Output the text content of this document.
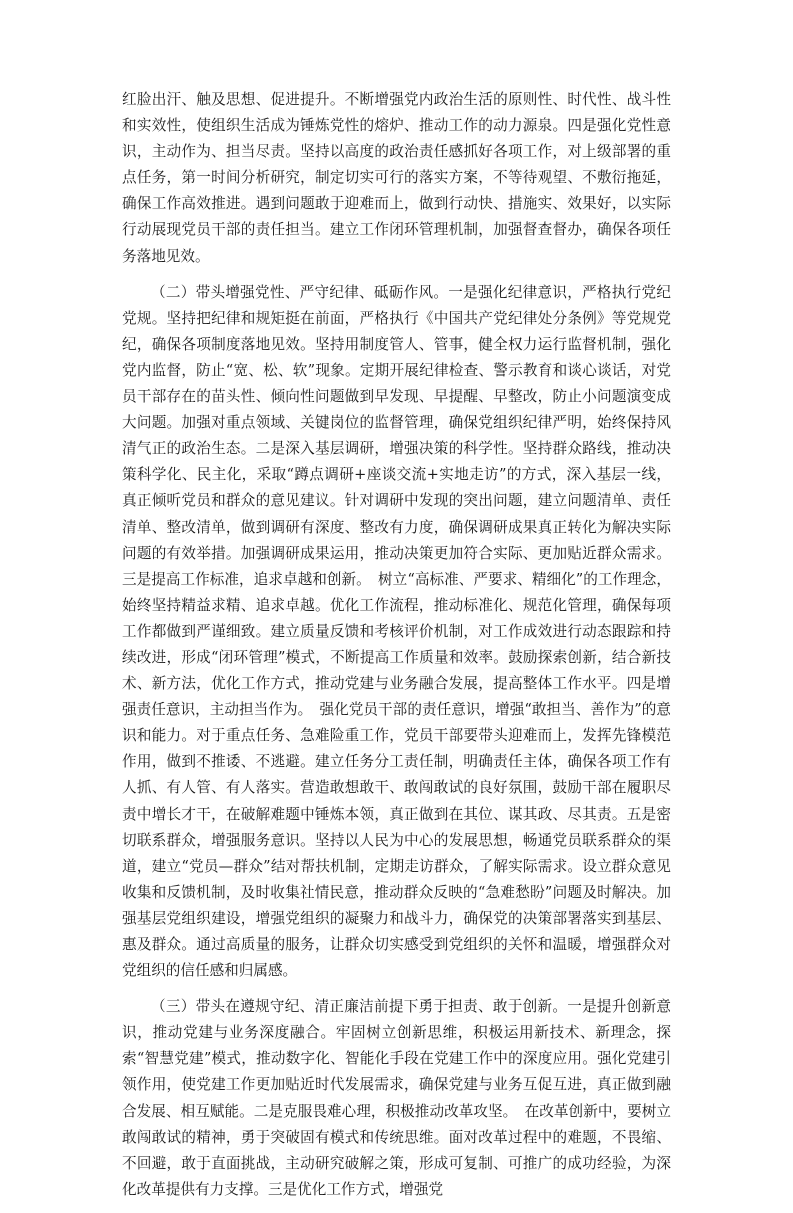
红脸出汗、触及思想、促进提升。不断增强党内政治生活的原则性、时代性、战斗性和实效性，使组织生活成为锤炼党性的熔炉、推动工作的动力源泉。四是强化党性意识，主动作为、担当尽责。坚持以高度的政治责任感抓好各项工作，对上级部署的重点任务，第一时间分析研究，制定切实可行的落实方案，不等待观望、不敷衍拖延，确保工作高效推进。遇到问题敢于迎难而上，做到行动快、措施实、效果好，以实际行动展现党员干部的责任担当。建立工作闭环管理机制，加强督查督办，确保各项任务落地见效。

（二）带头增强党性、严守纪律、砥砺作风。一是强化纪律意识，严格执行党纪党规。坚持把纪律和规矩挺在前面，严格执行《中国共产党纪律处分条例》等党规党纪，确保各项制度落地见效。坚持用制度管人、管事，健全权力运行监督机制，强化党内监督，防止“宽、松、软”现象。定期开展纪律检查、警示教育和谈心谈话，对党员干部存在的苗头性、倾向性问题做到早发现、早提醒、早整改，防止小问题演变成大问题。加强对重点领域、关键岗位的监督管理，确保党组织纪律严明，始终保持风清气正的政治生态。二是深入基层调研，增强决策的科学性。坚持群众路线，推动决策科学化、民主化，采取“蹲点调研+座谈交流+实地走访”的方式，深入基层一线，真正倾听党员和群众的意见建议。针对调研中发现的突出问题，建立问题清单、责任清单、整改清单，做到调研有深度、整改有力度，确保调研成果真正转化为解决实际问题的有效举措。加强调研成果运用，推动决策更加符合实际、更加贴近群众需求。三是提高工作标准，追求卓越和创新。　树立“高标准、严要求、精细化”的工作理念，始终坚持精益求精、追求卓越。优化工作流程，推动标准化、规范化管理，确保每项工作都做到严谨细致。建立质量反馈和考核评价机制，对工作成效进行动态跟踪和持续改进，形成“闭环管理”模式，不断提高工作质量和效率。鼓励探索创新，结合新技术、新方法，优化工作方式，推动党建与业务融合发展，提高整体工作水平。四是增强责任意识，主动担当作为。　强化党员干部的责任意识，增强“敢担当、善作为”的意识和能力。对于重点任务、急难险重工作，党员干部要带头迎难而上，发挥先锋模范作用，做到不推诿、不逃避。建立任务分工责任制，明确责任主体，确保各项工作有人抓、有人管、有人落实。营造敢想敢干、敢闯敢试的良好氛围，鼓励干部在履职尽责中增长才干，在破解难题中锤炼本领，真正做到在其位、谋其政、尽其责。五是密切联系群众，增强服务意识。坚持以人民为中心的发展思想，畅通党员联系群众的渠道，建立“党员—群众”结对帮扶机制，定期走访群众，了解实际需求。设立群众意见收集和反馈机制，及时收集社情民意，推动群众反映的“急难愁盼”问题及时解决。加强基层党组织建设，增强党组织的凝聚力和战斗力，确保党的决策部署落实到基层、惠及群众。通过高质量的服务，让群众切实感受到党组织的关怀和温暖，增强群众对党组织的信任感和归属感。

（三）带头在遵规守纪、清正廉洁前提下勇于担责、敢于创新。一是提升创新意识，推动党建与业务深度融合。牢固树立创新思维，积极运用新技术、新理念，探索“智慧党建”模式，推动数字化、智能化手段在党建工作中的深度应用。强化党建引领作用，使党建工作更加贴近时代发展需求，确保党建与业务互促互进，真正做到融合发展、相互赋能。二是克服畏难心理，积极推动改革攻坚。　在改革创新中，要树立敢闯敢试的精神，勇于突破固有模式和传统思维。面对改革过程中的难题，不畏缩、不回避，敢于直面挑战，主动研究破解之策，形成可复制、可推广的成功经验，为深化改革提供有力支撑。三是优化工作方式，增强党
